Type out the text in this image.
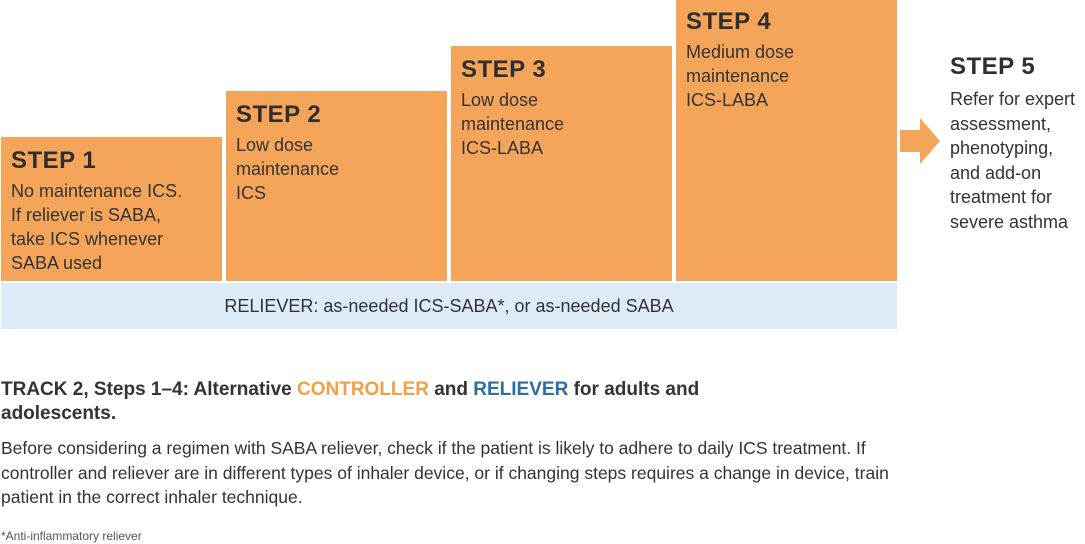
STEP 1
No maintenance ICS.
If reliever is SABA,
take ICS whenever
SABA used
STEP 2
Low dose
maintenance
ICS
STEP 3
Low dose
maintenance
ICS-LABA
STEP 4
Medium dose
maintenance
ICS-LABA
STEP 5
Refer for expert
assessment,
phenotyping,
and add-on
treatment for
severe asthma
RELIEVER: as-needed ICS-SABA*, or as-needed SABA
TRACK 2, Steps 1–4: Alternative CONTROLLER and RELIEVER for adults and adolescents.
Before considering a regimen with SABA reliever, check if the patient is likely to adhere to daily ICS treatment. If controller and reliever are in different types of inhaler device, or if changing steps requires a change in device, train patient in the correct inhaler technique.
*Anti-inflammatory reliever
